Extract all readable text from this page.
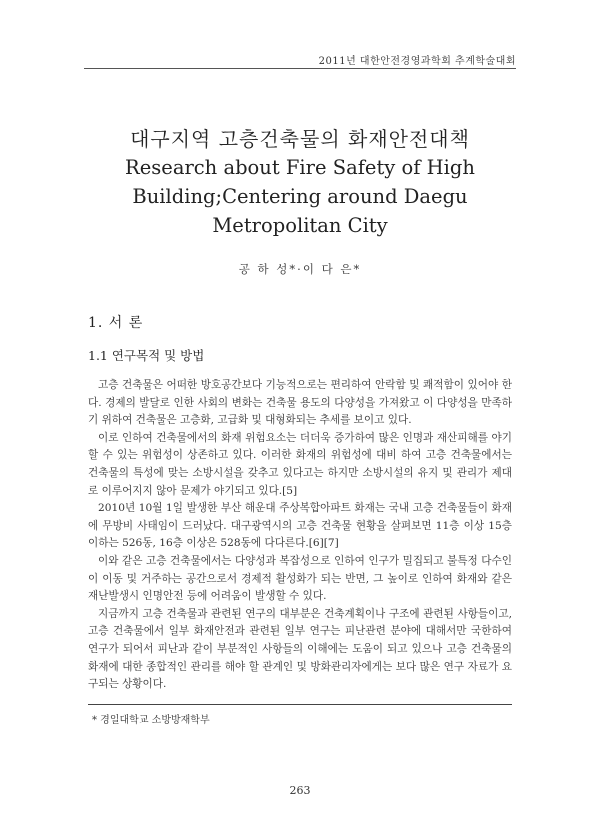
2011년 대한안전경영과학회 추계학술대회
대구지역 고층건축물의 화재안전대책
Research about Fire Safety of High
Building;Centering around Daegu
Metropolitan City
공 하 성*·이 다 은*
1. 서 론
1.1 연구목적 및 방법

고층 건축물은 어떠한 방호공간보다 기능적으로는 편리하여 안락함 및 쾌적함이 있어야 한다. 경제의 발달로 인한 사회의 변화는 건축물 용도의 다양성을 가져왔고 이 다양성을 만족하기 위하여 건축물은 고층화, 고급화 및 대형화되는 추세를 보이고 있다.

이로 인하여 건축물에서의 화재 위험요소는 더더욱 증가하여 많은 인명과 재산피해를 야기할 수 있는 위험성이 상존하고 있다. 이러한 화재의 위험성에 대비 하여 고층 건축물에서는 건축물의 특성에 맞는 소방시설을 갖추고 있다고는 하지만 소방시설의 유지 및 관리가 제대로 이루어지지 않아 문제가 야기되고 있다.[5]

2010년 10월 1일 발생한 부산 해운대 주상복합아파트 화재는 국내 고층 건축물들이 화재에 무방비 사태임이 드러났다. 대구광역시의 고층 건축물 현황을 살펴보면 11층 이상 15층 이하는 526동, 16층 이상은 528동에 다다른다.[6][7]

이와 같은 고층 건축물에서는 다양성과 복잡성으로 인하여 인구가 밀집되고 불특정 다수인이 이동 및 거주하는 공간으로서 경제적 활성화가 되는 반면, 그 높이로 인하여 화재와 같은 재난발생시 인명안전 등에 어려움이 발생할 수 있다.

지금까지 고층 건축물과 관련된 연구의 대부분은 건축계획이나 구조에 관련된 사항들이고, 고층 건축물에서 일부 화재안전과 관련된 일부 연구는 피난관련 분야에 대해서만 국한하여 연구가 되어서 피난과 같이 부분적인 사항들의 이해에는 도움이 되고 있으나 고층 건축물의 화재에 대한 종합적인 관리를 해야 할 관계인 및 방화관리자에게는 보다 많은 연구 자료가 요구되는 상황이다.

* 경일대학교 소방방재학부
263
